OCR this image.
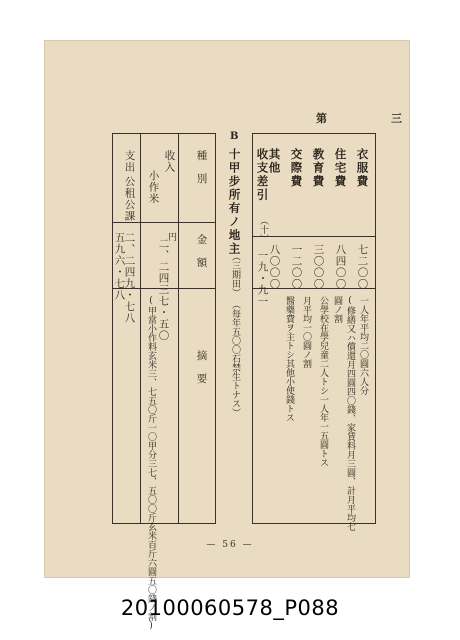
第　　三
衣服費
住宅費
教育費
交際費
其他
七二〇〇
八四〇〇
三〇〇〇
一二〇〇
八〇〇〇
一人年平均二〇圓六人分
(修繕又ハ償還月四圓四〇錢、家賃料月三圓、計月平均七
圓ノ割
公學校在學兒童二人トシ一人年一五圓トス
月平均一〇圓ノ割
醫藥費ヲ主トシ其他小使錢トス
收支差引
（十）
一九・九一
B
十甲步所有ノ地主
（三期田）
（每年五〇〇石禁生トナス）
種　別
金　額
摘　要
收入
小作米
円
二、二四三七・五〇
(甲當小作料玄米三、七五〇斤一〇甲分三七、五〇〇斤玄米百斤六圓五〇錢ノ割)
支出
公租公課
二、二四九・七八
五九六・七八
— 56 —
20100060578_P088
